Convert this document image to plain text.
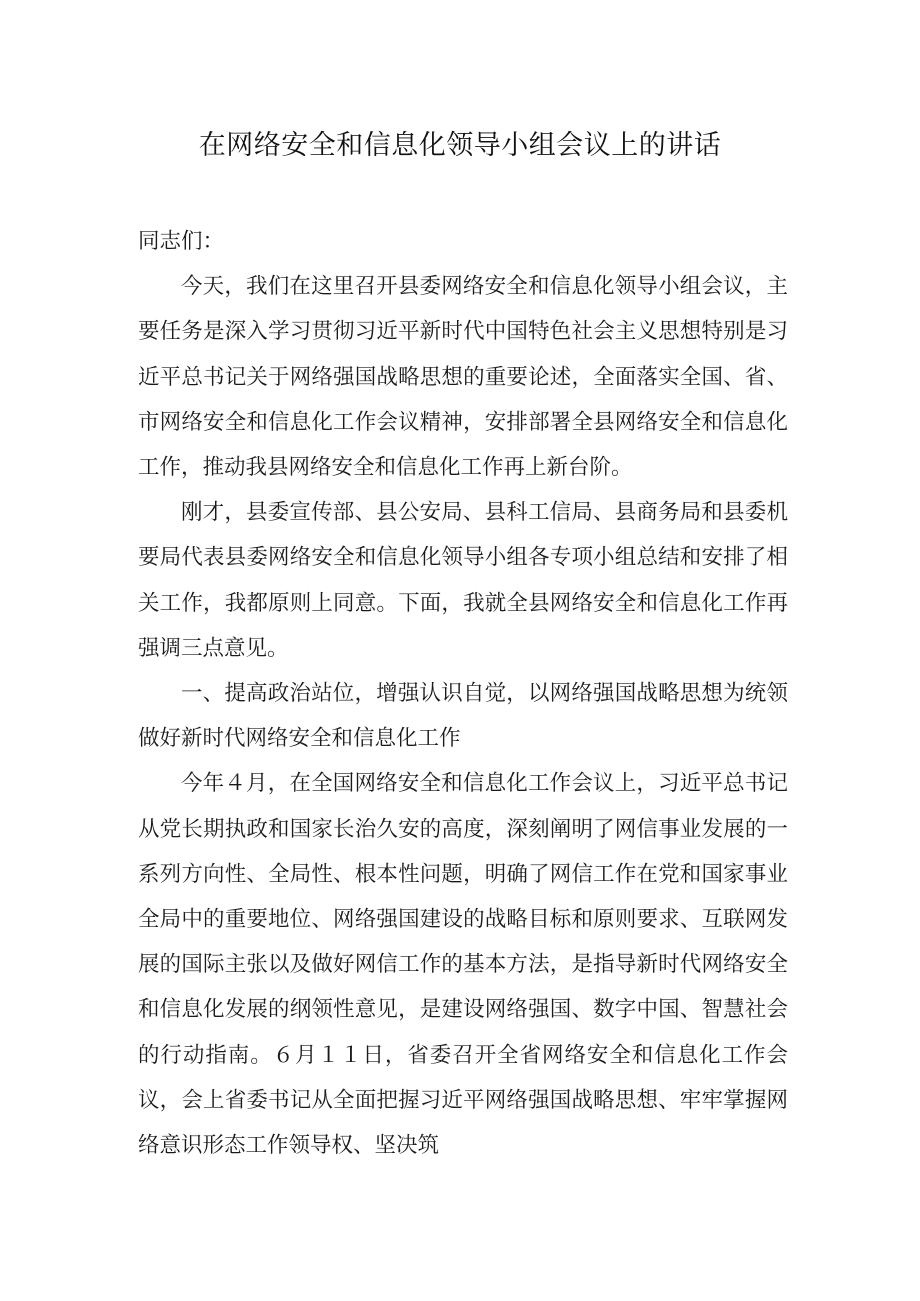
在网络安全和信息化领导小组会议上的讲话

同志们：

今天，我们在这里召开县委网络安全和信息化领导小组会议，主要任务是深入学习贯彻习近平新时代中国特色社会主义思想特别是习近平总书记关于网络强国战略思想的重要论述，全面落实全国、省、市网络安全和信息化工作会议精神，安排部署全县网络安全和信息化工作，推动我县网络安全和信息化工作再上新台阶。

刚才，县委宣传部、县公安局、县科工信局、县商务局和县委机要局代表县委网络安全和信息化领导小组各专项小组总结和安排了相关工作，我都原则上同意。下面，我就全县网络安全和信息化工作再强调三点意见。

一、提高政治站位，增强认识自觉，以网络强国战略思想为统领做好新时代网络安全和信息化工作

今年４月，在全国网络安全和信息化工作会议上，习近平总书记从党长期执政和国家长治久安的高度，深刻阐明了网信事业发展的一系列方向性、全局性、根本性问题，明确了网信工作在党和国家事业全局中的重要地位、网络强国建设的战略目标和原则要求、互联网发展的国际主张以及做好网信工作的基本方法，是指导新时代网络安全和信息化发展的纲领性意见，是建设网络强国、数字中国、智慧社会的行动指南。６月１１日，省委召开全省网络安全和信息化工作会议，会上省委书记从全面把握习近平网络强国战略思想、牢牢掌握网络意识形态工作领导权、坚决筑
